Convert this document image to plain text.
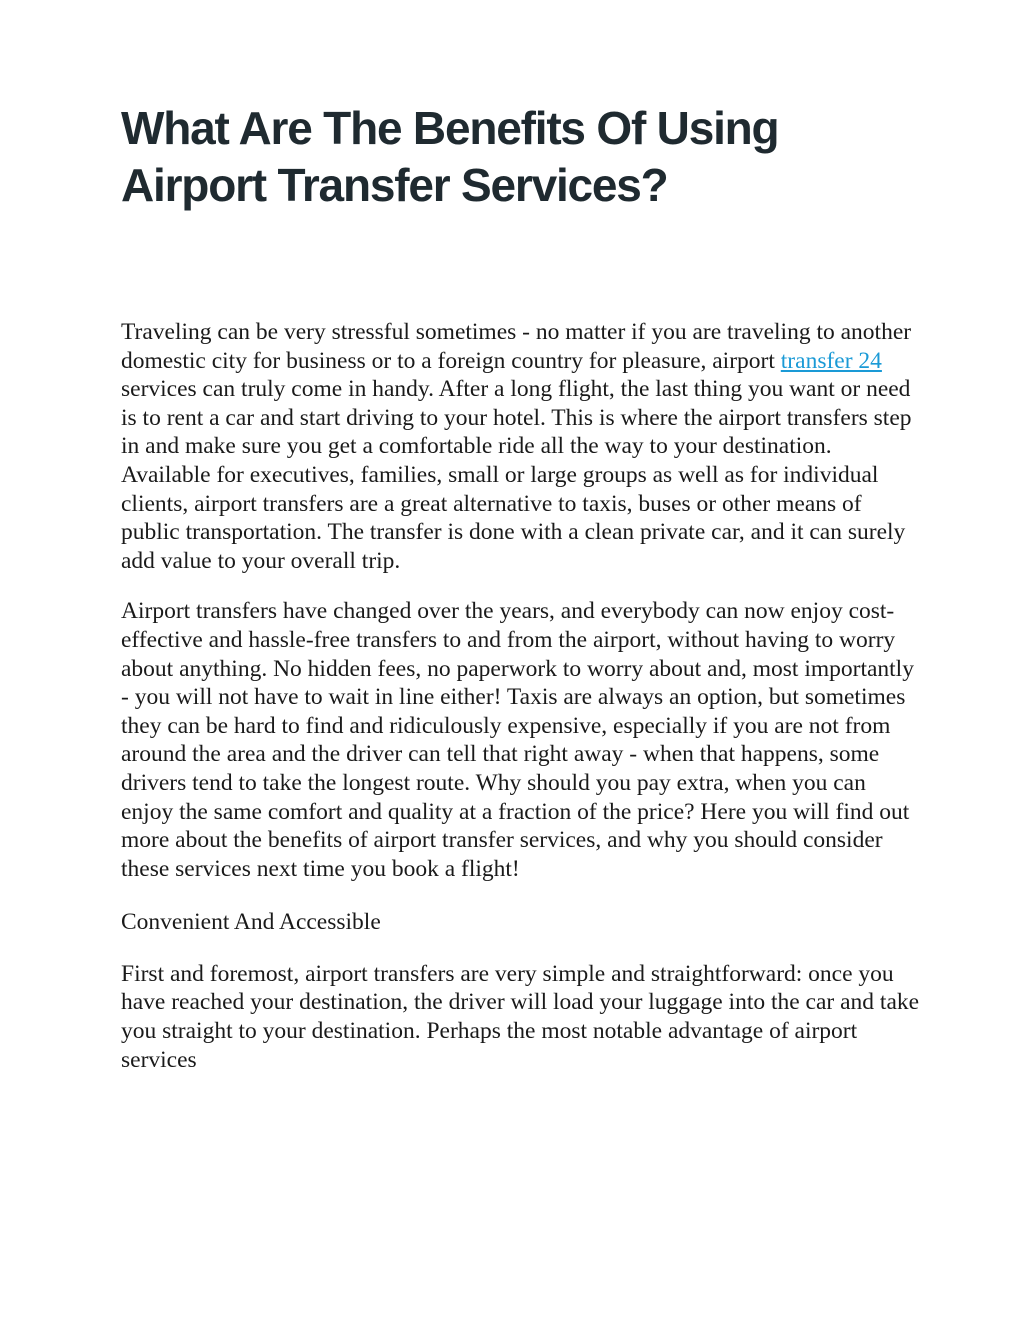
What Are The Benefits Of Using Airport Transfer Services?

Traveling can be very stressful sometimes - no matter if you are traveling to another domestic city for business or to a foreign country for pleasure, airport transfer 24 services can truly come in handy. After a long flight, the last thing you want or need is to rent a car and start driving to your hotel. This is where the airport transfers step in and make sure you get a comfortable ride all the way to your destination. Available for executives, families, small or large groups as well as for individual clients, airport transfers are a great alternative to taxis, buses or other means of public transportation. The transfer is done with a clean private car, and it can surely add value to your overall trip.

Airport transfers have changed over the years, and everybody can now enjoy cost-effective and hassle-free transfers to and from the airport, without having to worry about anything. No hidden fees, no paperwork to worry about and, most importantly - you will not have to wait in line either! Taxis are always an option, but sometimes they can be hard to find and ridiculously expensive, especially if you are not from around the area and the driver can tell that right away - when that happens, some drivers tend to take the longest route. Why should you pay extra, when you can enjoy the same comfort and quality at a fraction of the price? Here you will find out more about the benefits of airport transfer services, and why you should consider these services next time you book a flight!

Convenient And Accessible

First and foremost, airport transfers are very simple and straightforward: once you have reached your destination, the driver will load your luggage into the car and take you straight to your destination. Perhaps the most notable advantage of airport services
